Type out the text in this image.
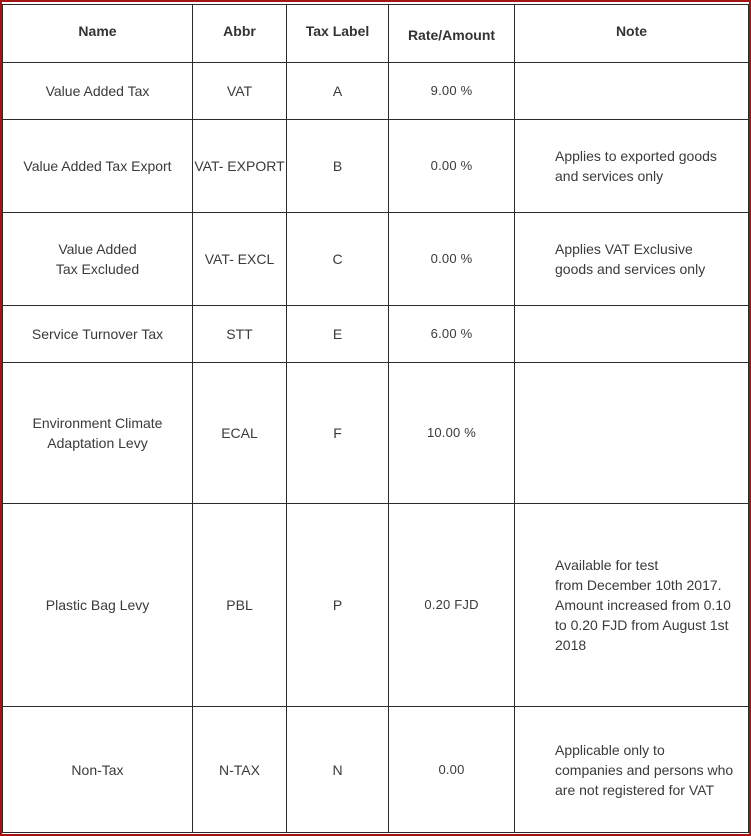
Name	Abbr	Tax Label	Rate/Amount	Note

Value Added Tax	VAT	A	9.00 %	

Value Added Tax Export	VAT- EXPORT	B	0.00 %	Applies to exported goods
and services only

Value Added
Tax Excluded	VAT- EXCL	C	0.00 %	Applies VAT Exclusive
goods and services only

Service Turnover Tax	STT	E	6.00 %	

Environment Climate
Adaptation Levy	ECAL	F	10.00 %	

Plastic Bag Levy	PBL	P	0.20 FJD	Available for test
from December 10th 2017.
Amount increased from 0.10
to 0.20 FJD from August 1st
2018

Non-Tax	N-TAX	N	0.00	Applicable only to
companies and persons who
are not registered for VAT
